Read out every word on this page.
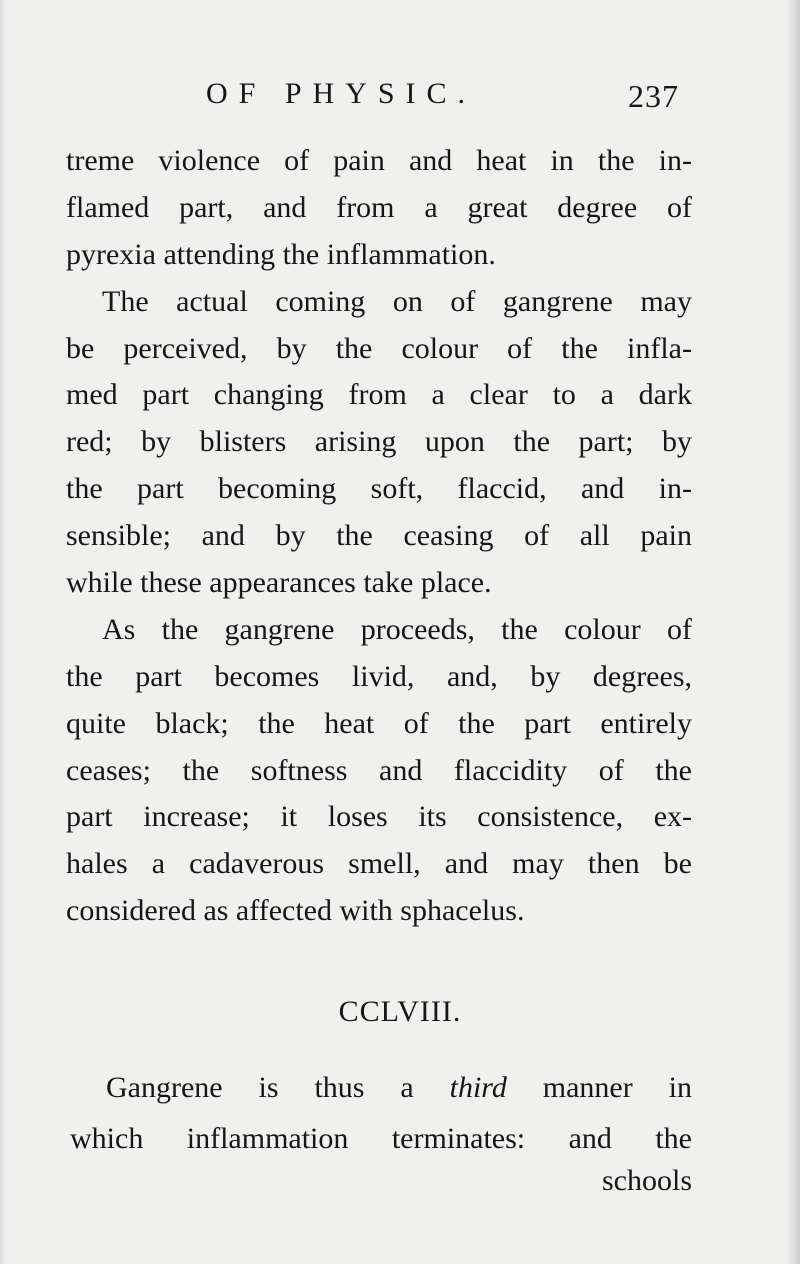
OF PHYSIC.	237
treme violence of pain and heat in the in-
flamed part, and from a great degree of
pyrexia attending the inflammation.
The actual coming on of gangrene may
be perceived, by the colour of the infla-
med part changing from a clear to a dark
red; by blisters arising upon the part; by
the part becoming soft, flaccid, and in-
sensible; and by the ceasing of all pain
while these appearances take place.
As the gangrene proceeds, the colour of
the part becomes livid, and, by degrees,
quite black; the heat of the part entirely
ceases; the softness and flaccidity of the
part increase; it loses its consistence, ex-
hales a cadaverous smell, and may then be
considered as affected with sphacelus.
CCLVIII.
Gangrene is thus a third manner in
which inflammation terminates: and the
schools
